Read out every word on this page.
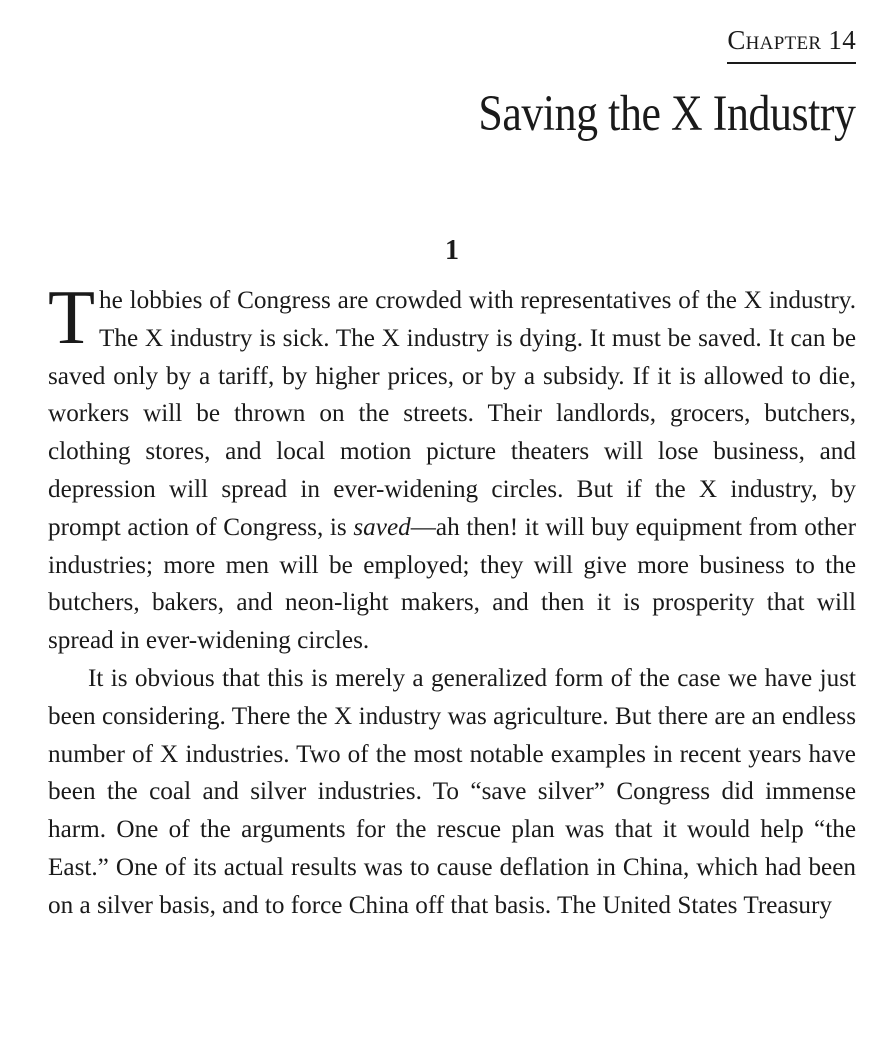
Chapter 14
Saving the X Industry
1

The lobbies of Congress are crowded with representatives of the X industry. The X industry is sick. The X industry is dying. It must be saved. It can be saved only by a tariff, by higher prices, or by a subsidy. If it is allowed to die, workers will be thrown on the streets. Their landlords, grocers, butchers, clothing stores, and local motion picture theaters will lose business, and depression will spread in ever-widening circles. But if the X industry, by prompt action of Congress, is saved—ah then! it will buy equipment from other industries; more men will be employed; they will give more business to the butchers, bakers, and neon-light makers, and then it is prosperity that will spread in ever-widening circles.

It is obvious that this is merely a generalized form of the case we have just been considering. There the X industry was agriculture. But there are an endless number of X industries. Two of the most notable examples in recent years have been the coal and silver industries. To “save silver” Congress did immense harm. One of the arguments for the rescue plan was that it would help “the East.” One of its actual results was to cause deflation in China, which had been on a silver basis, and to force China off that basis. The United States Treasury
